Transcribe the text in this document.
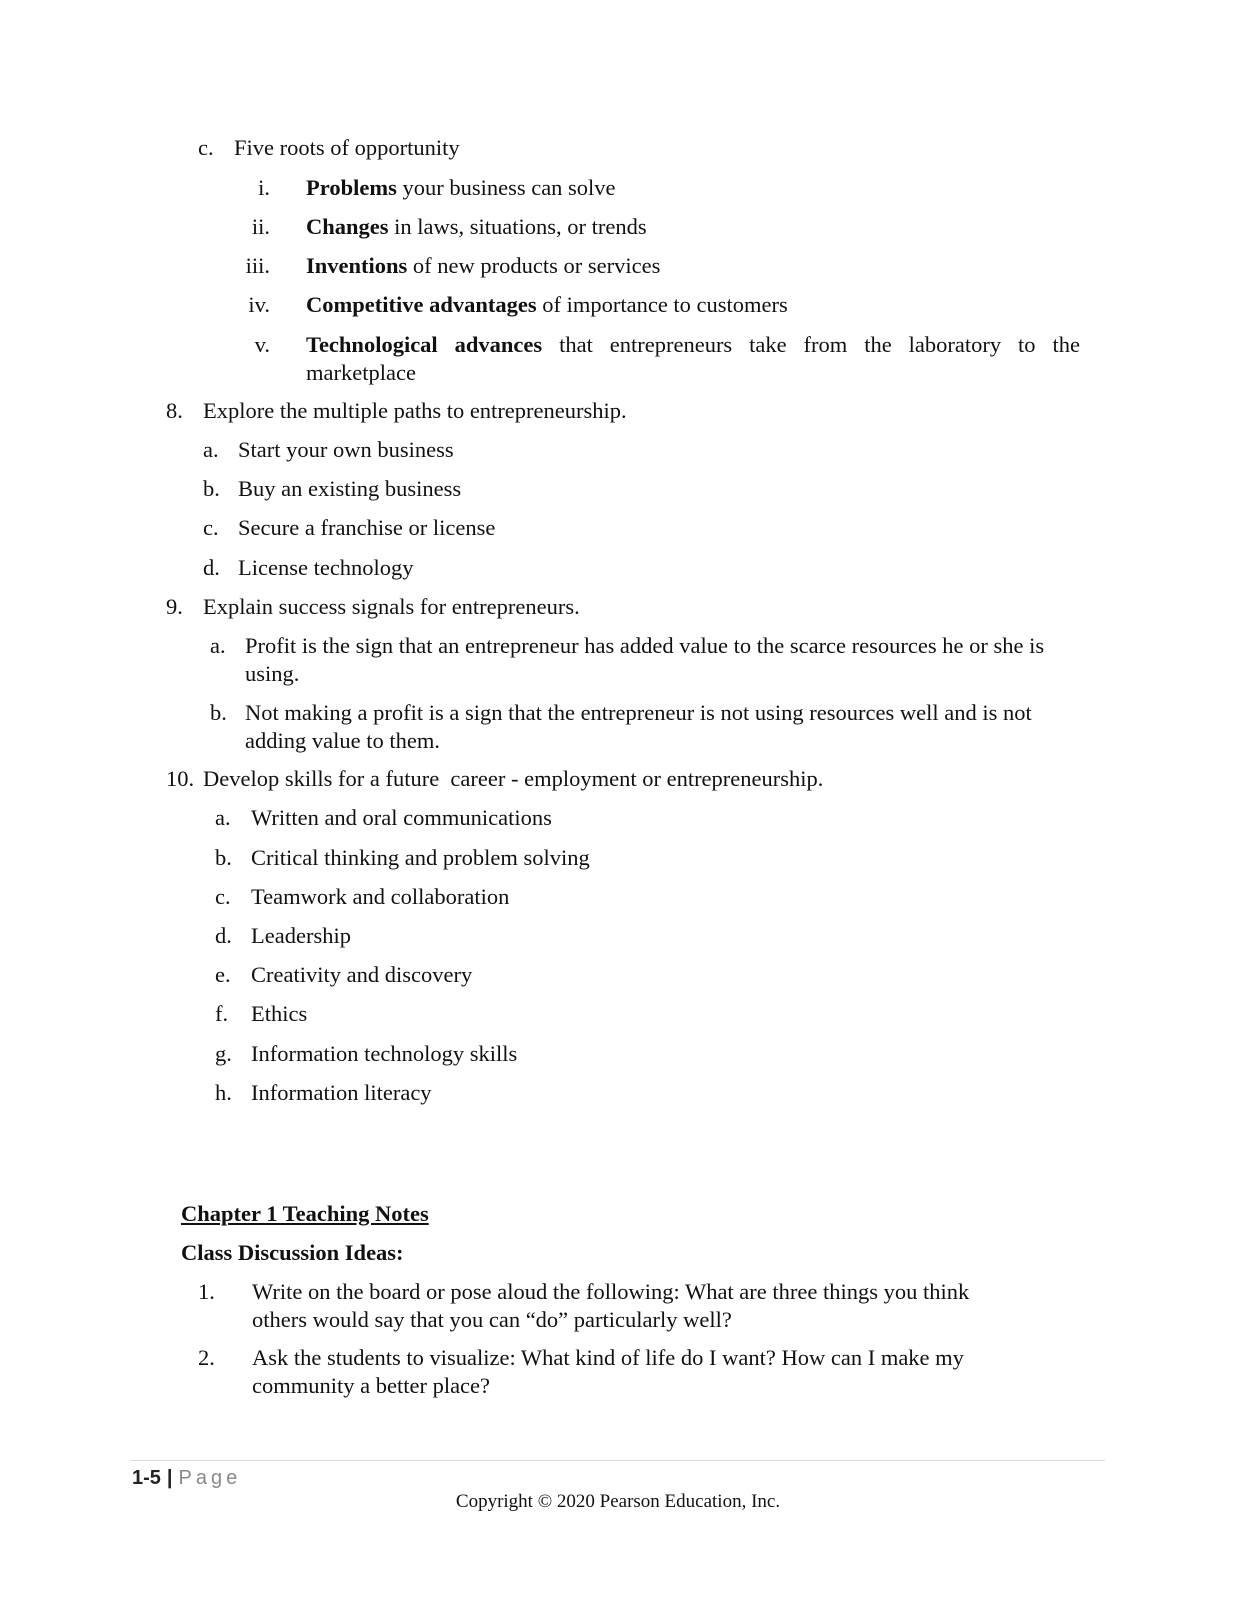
c. Five roots of opportunity
i. Problems your business can solve
ii. Changes in laws, situations, or trends
iii. Inventions of new products or services
iv. Competitive advantages of importance to customers
v. Technological advances that entrepreneurs take from the laboratory to the marketplace
8. Explore the multiple paths to entrepreneurship.
a. Start your own business
b. Buy an existing business
c. Secure a franchise or license
d. License technology
9. Explain success signals for entrepreneurs.
a. Profit is the sign that an entrepreneur has added value to the scarce resources he or she is using.
b. Not making a profit is a sign that the entrepreneur is not using resources well and is not adding value to them.
10. Develop skills for a future  career - employment or entrepreneurship.
a. Written and oral communications
b. Critical thinking and problem solving
c. Teamwork and collaboration
d. Leadership
e. Creativity and discovery
f. Ethics
g. Information technology skills
h. Information literacy
Chapter 1 Teaching Notes
Class Discussion Ideas:
1. Write on the board or pose aloud the following: What are three things you think others would say that you can “do” particularly well?
2. Ask the students to visualize: What kind of life do I want? How can I make my community a better place?
1-5 | Page
Copyright © 2020 Pearson Education, Inc.
